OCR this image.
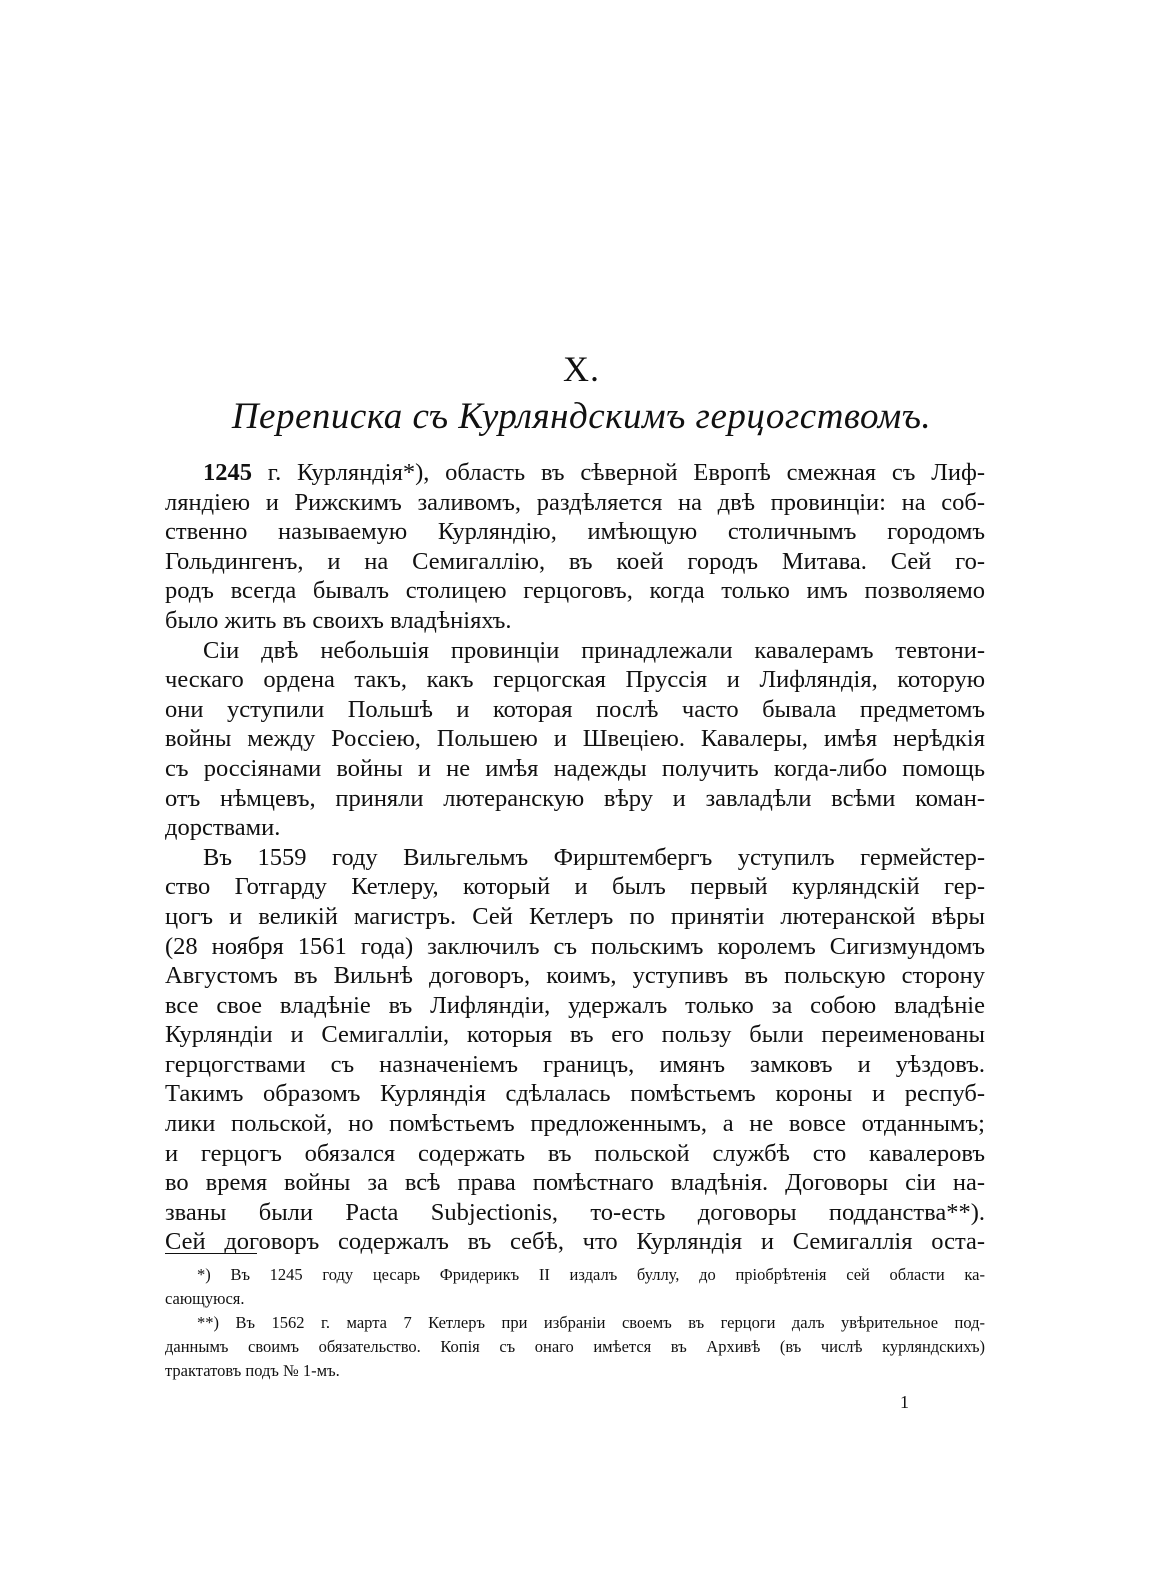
X.
Переписка съ Курляндскимъ герцогствомъ.
1245 г. Курляндія*), область въ сѣверной Европѣ смежная съ Лиф-
ляндіею и Рижскимъ заливомъ, раздѣляется на двѣ провинціи: на соб-
ственно называемую Курляндію, имѣющую столичнымъ городомъ
Гольдингенъ, и на Семигаллію, въ коей городъ Митава. Сей го-
родъ всегда бывалъ столицею герцоговъ, когда только имъ позволяемо
было жить въ своихъ владѣніяхъ.
Сіи двѣ небольшія провинціи принадлежали кавалерамъ тевтони-
ческаго ордена такъ, какъ герцогская Пруссія и Лифляндія, которую
они уступили Польшѣ и которая послѣ часто бывала предметомъ
войны между Россіею, Польшею и Швеціею. Кавалеры, имѣя нерѣдкія
съ россіянами войны и не имѣя надежды получить когда-либо помощь
отъ нѣмцевъ, приняли лютеранскую вѣру и завладѣли всѣми коман-
дорствами.
Въ 1559 году Вильгельмъ Фирштембергъ уступилъ гермейстер-
ство Готгарду Кетлеру, который и былъ первый курляндскій гер-
цогъ и великій магистръ. Сей Кетлеръ по принятіи лютеранской вѣры
(28 ноября 1561 года) заключилъ съ польскимъ королемъ Сигизмундомъ
Августомъ въ Вильнѣ договоръ, коимъ, уступивъ въ польскую сторону
все свое владѣніе въ Лифляндіи, удержалъ только за собою владѣніе
Курляндіи и Семигалліи, которыя въ его пользу были переименованы
герцогствами съ назначеніемъ границъ, имянъ замковъ и уѣздовъ.
Такимъ образомъ Курляндія сдѣлалась помѣстьемъ короны и респуб-
лики польской, но помѣстьемъ предложеннымъ, а не вовсе отданнымъ;
и герцогъ обязался содержать въ польской службѣ сто кавалеровъ
во время войны за всѣ права помѣстнаго владѣнія. Договоры сіи на-
званы были Pacta Subjectionis, то-есть договоры подданства**).
Сей договоръ содержалъ въ себѣ, что Курляндія и Семигаллія оста-
*) Въ 1245 году цесарь Фридерикъ II издалъ буллу, до пріобрѣтенія сей области ка-
сающуюся.
**) Въ 1562 г. марта 7 Кетлеръ при избраніи своемъ въ герцоги далъ увѣрительное под-
даннымъ своимъ обязательство. Копія съ онаго имѣется въ Архивѣ (въ числѣ курляндскихъ)
трактатовъ подъ № 1-мъ.
1
